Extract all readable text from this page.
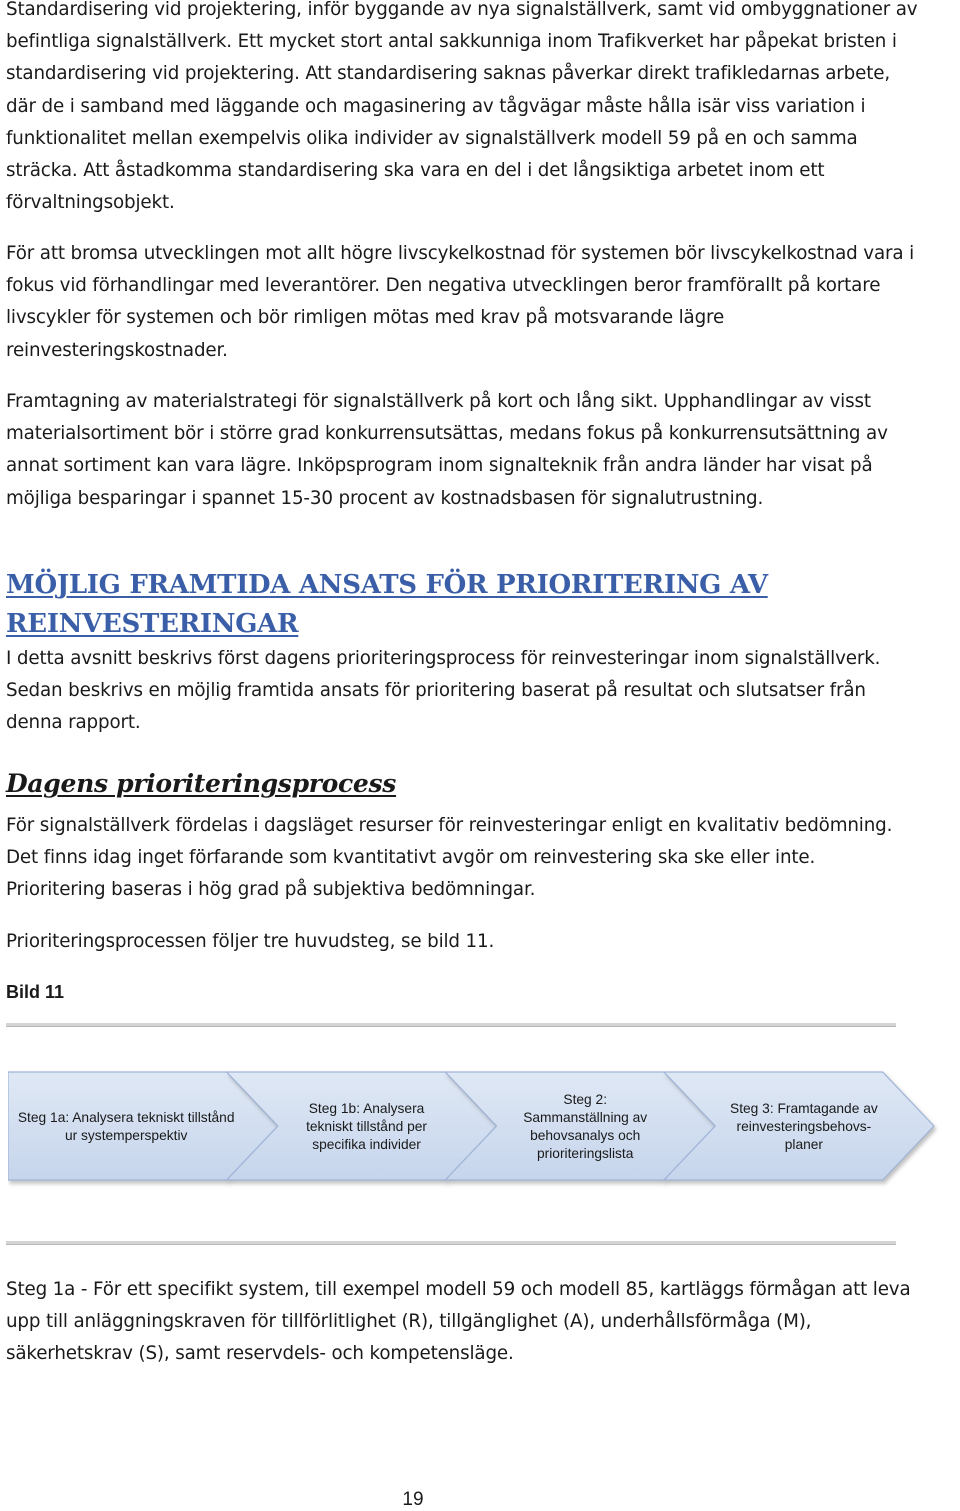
Standardisering vid projektering, inför byggande av nya signalställverk, samt vid ombyggnationer av befintliga signalställverk. Ett mycket stort antal sakkunniga inom Trafikverket har påpekat bristen i standardisering vid projektering. Att standardisering saknas påverkar direkt trafikledarnas arbete, där de i samband med läggande och magasinering av tågvägar måste hålla isär viss variation i funktionalitet mellan exempelvis olika individer av signalställverk modell 59 på en och samma sträcka. Att åstadkomma standardisering ska vara en del i det långsiktiga arbetet inom ett förvaltningsobjekt.

För att bromsa utvecklingen mot allt högre livscykelkostnad för systemen bör livscykelkostnad vara i fokus vid förhandlingar med leverantörer. Den negativa utvecklingen beror framförallt på kortare livscykler för systemen och bör rimligen mötas med krav på motsvarande lägre reinvesteringskostnader.

Framtagning av materialstrategi för signalställverk på kort och lång sikt. Upphandlingar av visst materialsortiment bör i större grad konkurrensutsättas, medans fokus på konkurrensutsättning av annat sortiment kan vara lägre. Inköpsprogram inom signalteknik från andra länder har visat på möjliga besparingar i spannet 15-30 procent av kostnadsbasen för signalutrustning.

MÖJLIG FRAMTIDA ANSATS FÖR PRIORITERING AV REINVESTERINGAR

I detta avsnitt beskrivs först dagens prioriteringsprocess för reinvesteringar inom signalställverk. Sedan beskrivs en möjlig framtida ansats för prioritering baserat på resultat och slutsatser från denna rapport.

Dagens prioriteringsprocess

För signalställverk fördelas i dagsläget resurser för reinvesteringar enligt en kvalitativ bedömning. Det finns idag inget förfarande som kvantitativt avgör om reinvestering ska ske eller inte. Prioritering baseras i hög grad på subjektiva bedömningar.

Prioriteringsprocessen följer tre huvudsteg, se bild 11.

Bild 11

Steg 1a: Analysera tekniskt tillstånd ur systemperspektiv
Steg 1b: Analysera tekniskt tillstånd per specifika individer
Steg 2: Sammanställning av behovsanalys och prioriteringslista
Steg 3: Framtagande av reinvesteringsbehovs-planer

Steg 1a - För ett specifikt system, till exempel modell 59 och modell 85, kartläggs förmågan att leva upp till anläggningskraven för tillförlitlighet (R), tillgänglighet (A), underhållsförmåga (M), säkerhetskrav (S), samt reservdels- och kompetensläge.

19
